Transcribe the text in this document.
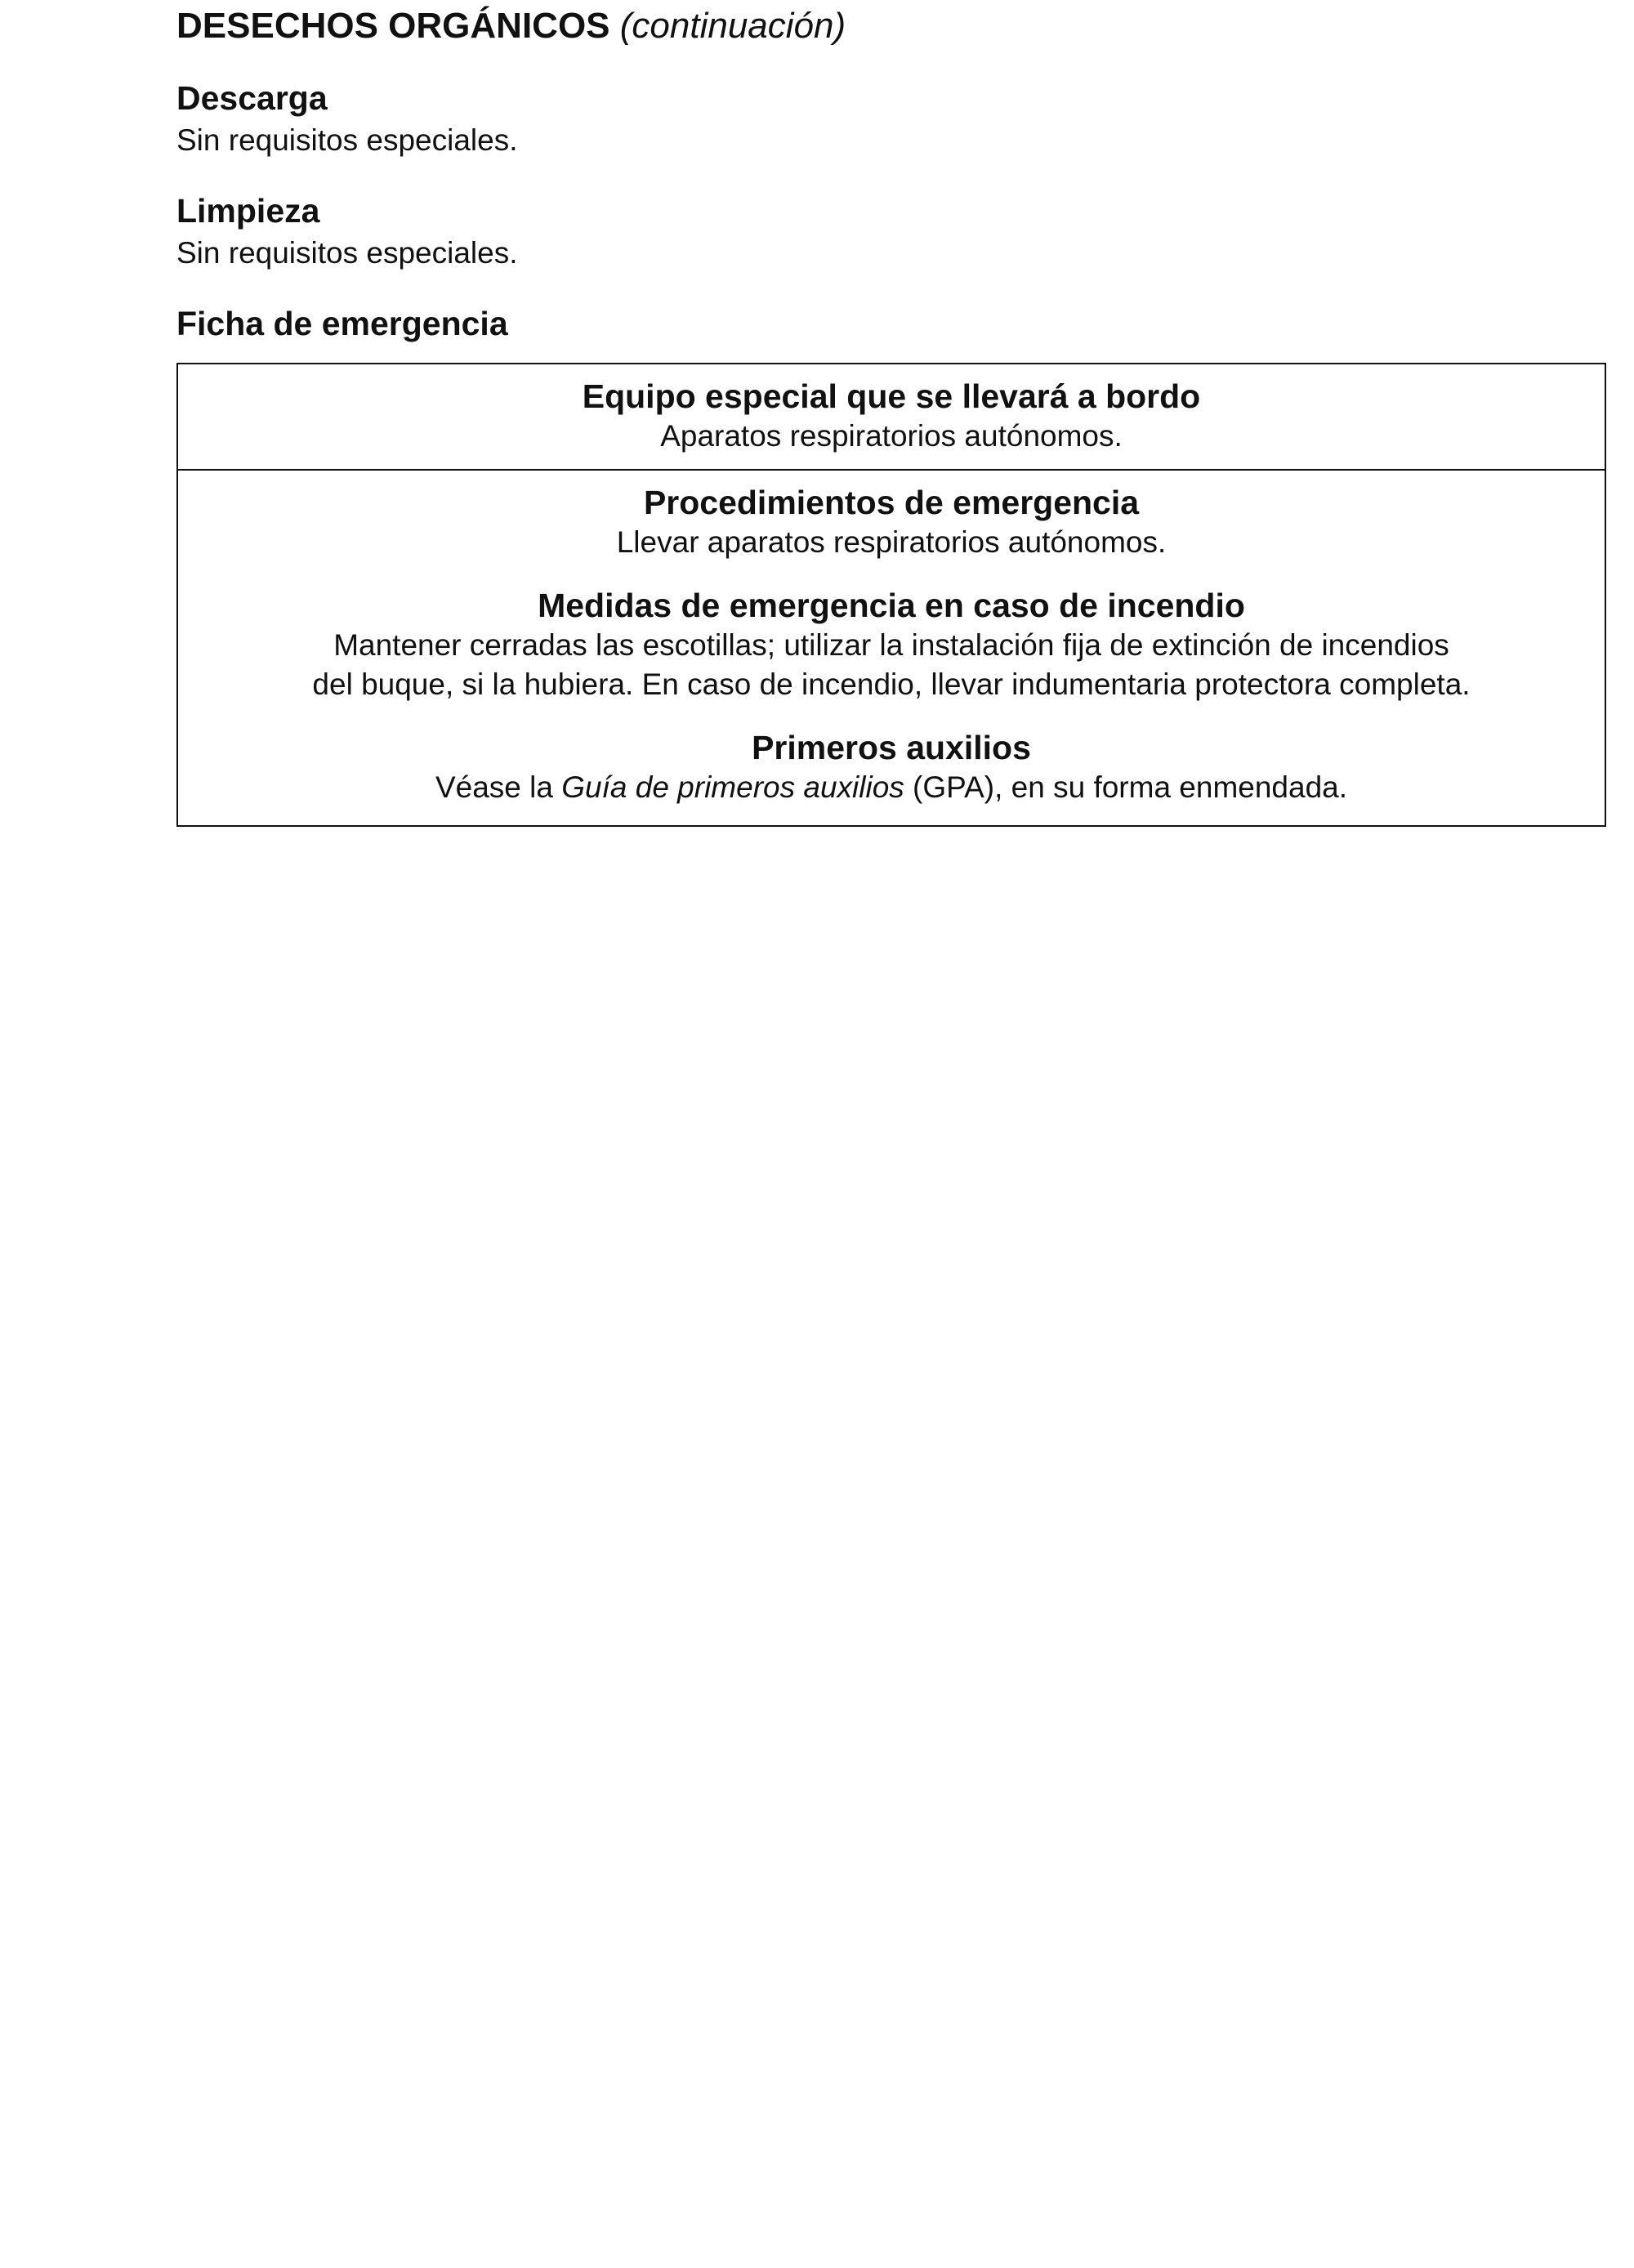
DESECHOS ORGÁNICOS (continuación)
Descarga

Sin requisitos especiales.

Limpieza

Sin requisitos especiales.

Ficha de emergencia
Equipo especial que se llevará a bordo
Aparatos respiratorios autónomos.
Procedimientos de emergencia
Llevar aparatos respiratorios autónomos.
Medidas de emergencia en caso de incendio
Mantener cerradas las escotillas; utilizar la instalación fija de extinción de incendios
del buque, si la hubiera. En caso de incendio, llevar indumentaria protectora completa.
Primeros auxilios
Véase la Guía de primeros auxilios (GPA), en su forma enmendada.
